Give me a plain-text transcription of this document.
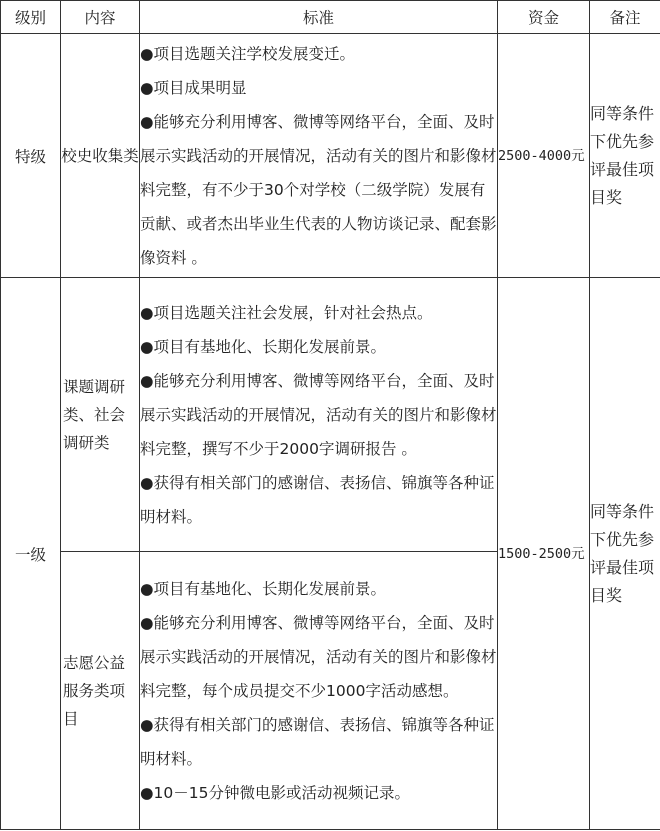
级别	内容	标准	资金	备注
特级	校史收集类	●项目选题关注学校发展变迁。
●项目成果明显
●能够充分利用博客、微博等网络平台，全面、及时展示实践活动的开展情况，活动有关的图片和影像材料完整，有不少于30个对学校（二级学院）发展有贡献、或者杰出毕业生代表的人物访谈记录、配套影像资料 。	2500-4000元	同等条件下优先参评最佳项目奖
一级	课题调研类、社会调研类	●项目选题关注社会发展，针对社会热点。
●项目有基地化、长期化发展前景。
●能够充分利用博客、微博等网络平台，全面、及时展示实践活动的开展情况，活动有关的图片和影像材料完整，撰写不少于2000字调研报告 。
●获得有相关部门的感谢信、表扬信、锦旗等各种证明材料。	1500-2500元	同等条件下优先参评最佳项目奖
	志愿公益服务类项目	●项目有基地化、长期化发展前景。
●能够充分利用博客、微博等网络平台，全面、及时展示实践活动的开展情况，活动有关的图片和影像材料完整，每个成员提交不少1000字活动感想。
●获得有相关部门的感谢信、表扬信、锦旗等各种证明材料。
●10－15分钟微电影或活动视频记录。		
